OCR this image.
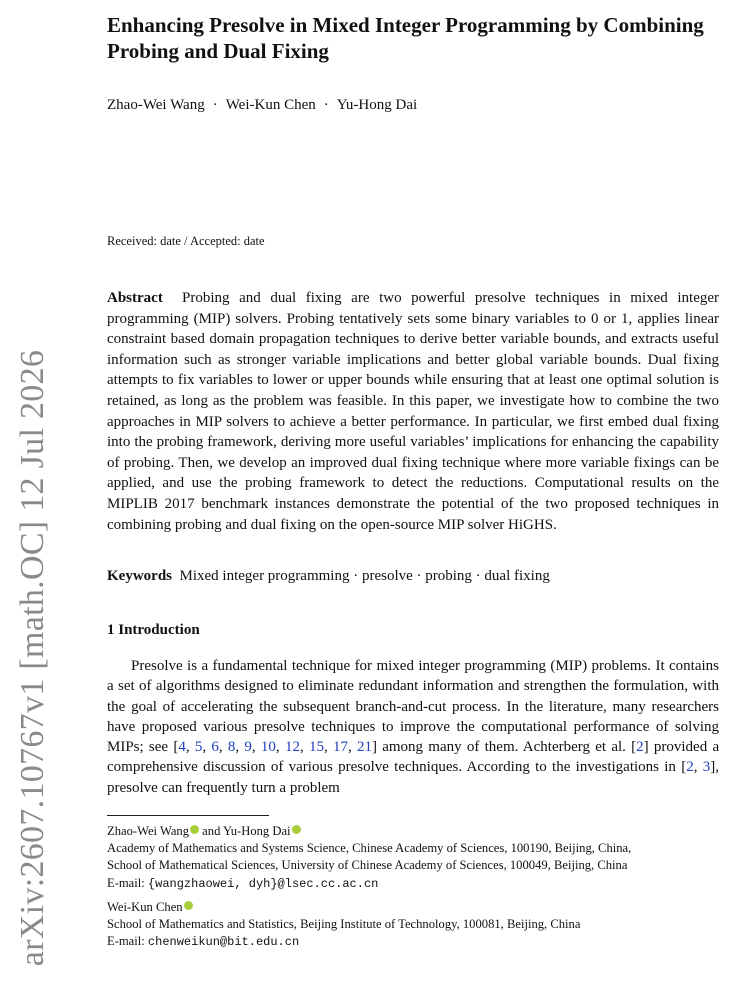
arXiv:2607.10767v1 [math.OC] 12 Jul 2026
Enhancing Presolve in Mixed Integer Programming by Combining Probing and Dual Fixing
Zhao-Wei Wang · Wei-Kun Chen · Yu-Hong Dai
Received: date / Accepted: date

Abstract Probing and dual fixing are two powerful presolve techniques in mixed integer programming (MIP) solvers. Probing tentatively sets some binary variables to 0 or 1, applies linear constraint based domain propagation techniques to derive better variable bounds, and extracts useful information such as stronger variable implications and better global variable bounds. Dual fixing attempts to fix variables to lower or upper bounds while ensuring that at least one optimal solution is retained, as long as the problem was feasible. In this paper, we investigate how to combine the two approaches in MIP solvers to achieve a better performance. In particular, we first embed dual fixing into the probing framework, deriving more useful variables’ implications for enhancing the capability of probing. Then, we develop an improved dual fixing technique where more variable fixings can be applied, and use the probing framework to detect the reductions. Computational results on the MIPLIB 2017 benchmark instances demonstrate the potential of the two proposed techniques in combining probing and dual fixing on the open-source MIP solver HiGHS.

Keywords Mixed integer programming · presolve · probing · dual fixing
1 Introduction

Presolve is a fundamental technique for mixed integer programming (MIP) problems. It contains a set of algorithms designed to eliminate redundant information and strengthen the formulation, with the goal of accelerating the subsequent branch-and-cut process. In the literature, many researchers have proposed various presolve techniques to improve the computational performance of solving MIPs; see [4, 5, 6, 8, 9, 10, 12, 15, 17, 21] among many of them. Achterberg et al. [2] provided a comprehensive discussion of various presolve techniques. According to the investigations in [2, 3], presolve can frequently turn a problem

Zhao-Wei Wang and Yu-Hong Dai
Academy of Mathematics and Systems Science, Chinese Academy of Sciences, 100190, Beijing, China,
School of Mathematical Sciences, University of Chinese Academy of Sciences, 100049, Beijing, China
E-mail: {wangzhaowei, dyh}@lsec.cc.ac.cn
Wei-Kun Chen
School of Mathematics and Statistics, Beijing Institute of Technology, 100081, Beijing, China
E-mail: chenweikun@bit.edu.cn
